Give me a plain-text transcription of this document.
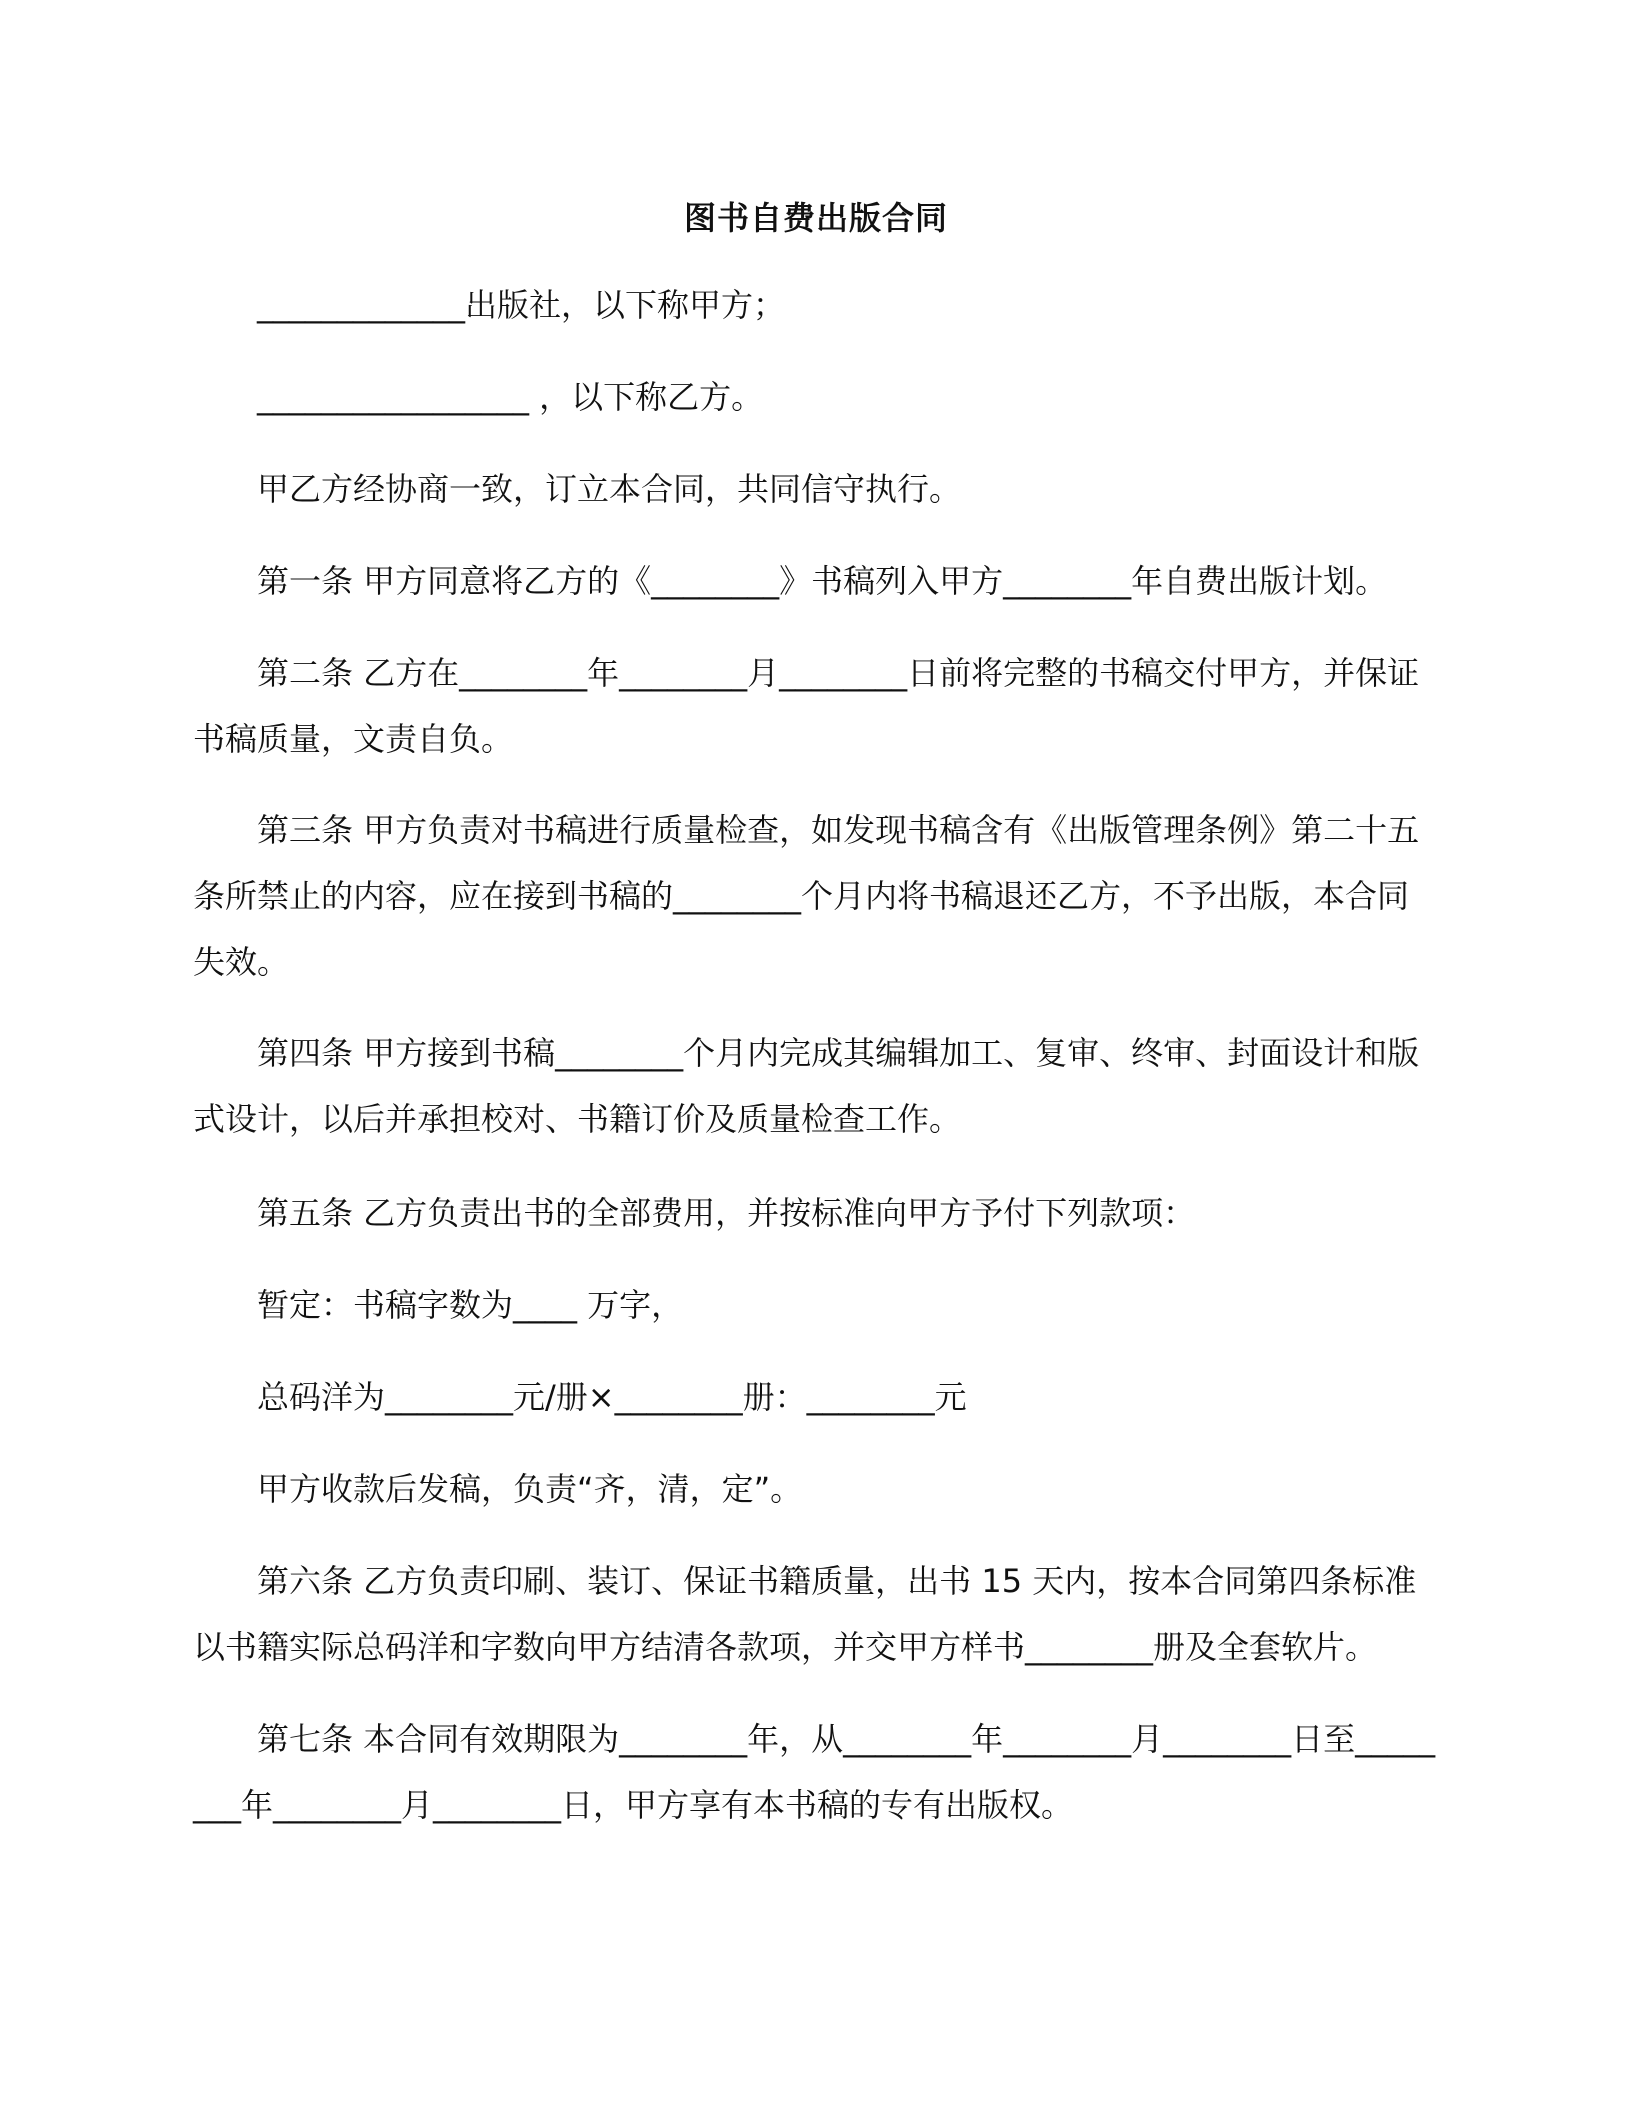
图书自费出版合同

_____________出版社，以下称甲方；

_________________ ，以下称乙方。

甲乙方经协商一致，订立本合同，共同信守执行。

第一条 甲方同意将乙方的《________》书稿列入甲方________年自费出版计划。

第二条 乙方在________年________月________日前将完整的书稿交付甲方，并保证书稿质量，文责自负。

第三条 甲方负责对书稿进行质量检查，如发现书稿含有《出版管理条例》第二十五条所禁止的内容，应在接到书稿的________个月内将书稿退还乙方，不予出版，本合同失效。

第四条 甲方接到书稿________个月内完成其编辑加工、复审、终审、封面设计和版式设计，以后并承担校对、书籍订价及质量检查工作。

第五条 乙方负责出书的全部费用，并按标准向甲方予付下列款项：

暂定：书稿字数为____ 万字，

总码洋为________元/册×________册：________元

甲方收款后发稿，负责“齐，清，定”。

第六条 乙方负责印刷、装订、保证书籍质量，出书 15 天内，按本合同第四条标准以书籍实际总码洋和字数向甲方结清各款项，并交甲方样书________册及全套软片。

第七条 本合同有效期限为________年，从________年________月________日至________年________月________日，甲方享有本书稿的专有出版权。
